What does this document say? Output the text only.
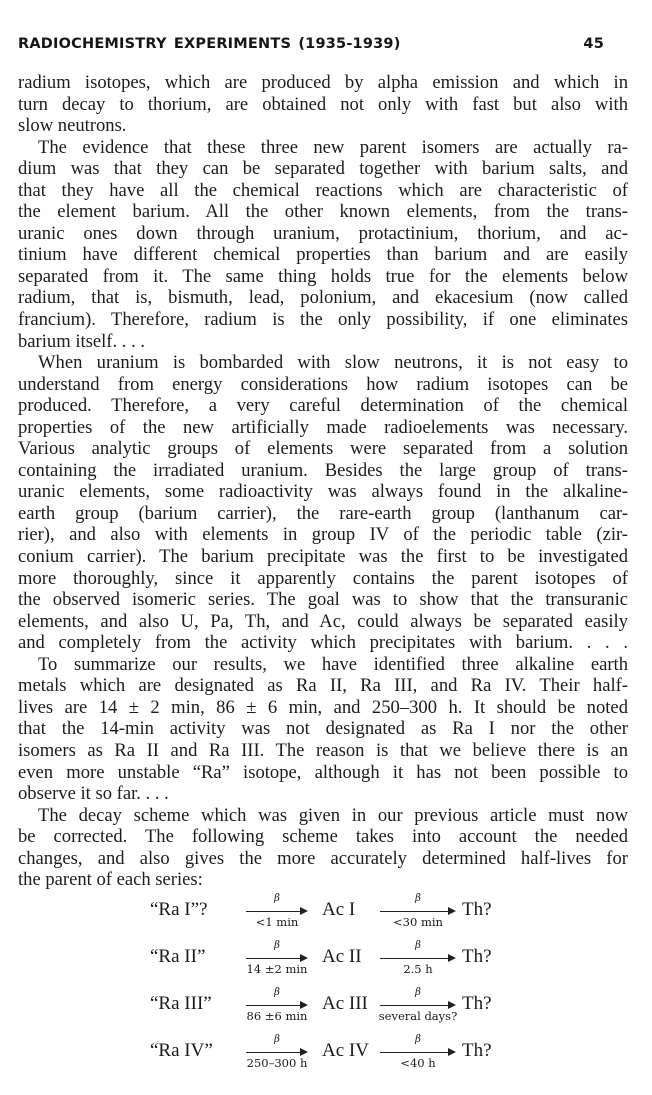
RADIOCHEMISTRY EXPERIMENTS (1935-1939)	45
radium isotopes, which are produced by alpha emission and which in
turn decay to thorium, are obtained not only with fast but also with
slow neutrons.
The evidence that these three new parent isomers are actually ra-
dium was that they can be separated together with barium salts, and
that they have all the chemical reactions which are characteristic of
the element barium. All the other known elements, from the trans-
uranic ones down through uranium, protactinium, thorium, and ac-
tinium have different chemical properties than barium and are easily
separated from it. The same thing holds true for the elements below
radium, that is, bismuth, lead, polonium, and ekacesium (now called
francium). Therefore, radium is the only possibility, if one eliminates
barium itself. . . .
When uranium is bombarded with slow neutrons, it is not easy to
understand from energy considerations how radium isotopes can be
produced. Therefore, a very careful determination of the chemical
properties of the new artificially made radioelements was necessary.
Various analytic groups of elements were separated from a solution
containing the irradiated uranium. Besides the large group of trans-
uranic elements, some radioactivity was always found in the alkaline-
earth group (barium carrier), the rare-earth group (lanthanum car-
rier), and also with elements in group IV of the periodic table (zir-
conium carrier). The barium precipitate was the first to be investigated
more thoroughly, since it apparently contains the parent isotopes of
the observed isomeric series. The goal was to show that the transuranic
elements, and also U, Pa, Th, and Ac, could always be separated easily
and completely from the activity which precipitates with barium. . . .
To summarize our results, we have identified three alkaline earth
metals which are designated as Ra II, Ra III, and Ra IV. Their half-
lives are 14 ± 2 min, 86 ± 6 min, and 250–300 h. It should be noted
that the 14-min activity was not designated as Ra I nor the other
isomers as Ra II and Ra III. The reason is that we believe there is an
even more unstable “Ra” isotope, although it has not been possible to
observe it so far. . . .
The decay scheme which was given in our previous article must now
be corrected. The following scheme takes into account the needed
changes, and also gives the more accurately determined half-lives for
the parent of each series:
“Ra I”?
β
<1 min
Ac I
β
<30 min
Th?
“Ra II”
β
14 ±2 min
Ac II
β
2.5 h
Th?
“Ra III”
β
86 ±6 min
Ac III
β
several days?
Th?
“Ra IV”
β
250–300 h
Ac IV
β
<40 h
Th?
